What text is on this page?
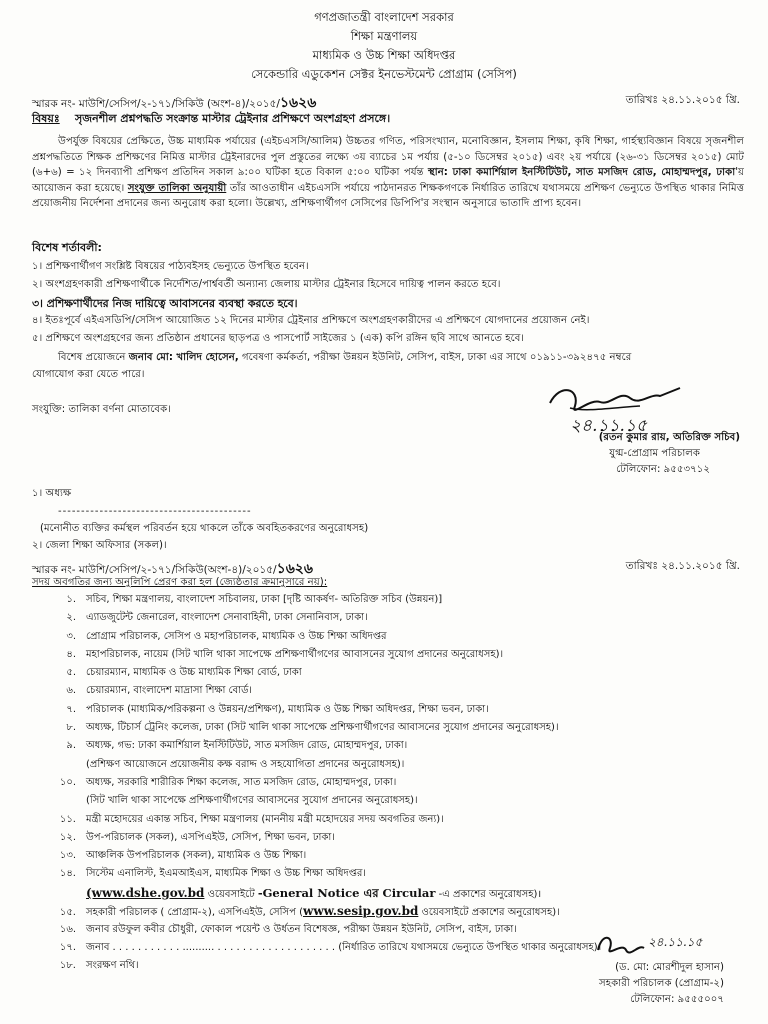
গণপ্রজাতন্ত্রী বাংলাদেশ সরকার
শিক্ষা মন্ত্রণালয়
মাধ্যমিক ও উচ্চ শিক্ষা অধিদপ্তর
সেকেন্ডারি এডুকেশন সেক্টর ইনভেস্টমেন্ট প্রোগ্রাম (সেসিপ)
স্মারক নং- মাউশি/সেসিপ/২-১৭১/সিকিউ (অংশ-৪)/২০১৫/১৬২৬	তারিখঃ ২৪.১১.২০১৫ খ্রি.
বিষয়ঃ সৃজনশীল প্রশ্নপদ্ধতি সংক্রান্ত মাস্টার ট্রেইনার প্রশিক্ষণে অংশগ্রহণ প্রসঙ্গে।
উপর্যুক্ত বিষয়ের প্রেক্ষিতে, উচ্চ মাধ্যমিক পর্যায়ের (এইচএসসি/আলিম) উচ্চতর গণিত, পরিসংখ্যান, মনোবিজ্ঞান, ইসলাম শিক্ষা, কৃষি শিক্ষা, গার্হস্থ্যবিজ্ঞান বিষয়ে সৃজনশীল প্রশ্নপদ্ধতিতে শিক্ষক প্রশিক্ষণের নিমিত্ত মাস্টার ট্রেইনারদের পুল প্রস্তুতের লক্ষ্যে ৩য় ব্যাচের ১ম পর্যায় (৫-১০ ডিসেম্বর ২০১৫) এবং ২য় পর্যায়ে (২৬-৩১ ডিসেম্বর ২০১৫) মোট (৬+৬) = ১২ দিনব্যাপী প্রশিক্ষণ প্রতিদিন সকাল ৯:০০ ঘটিকা হতে বিকাল ৫:০০ ঘটিকা পর্যন্ত স্থান: ঢাকা কমার্শিয়াল ইনস্টিটিউট, সাত মসজিদ রোড, মোহাম্মদপুর, ঢাকা'য় আয়োজন করা হয়েছে। সংযুক্ত তালিকা অনুযায়ী তাঁর আওতাধীন এইচএসসি পর্যায়ে পাঠদানরত শিক্ষকগণকে নির্ধারিত তারিখে যথাসময়ে প্রশিক্ষণ ভেন্যুতে উপস্থিত থাকার নিমিত্ত প্রয়োজনীয় নির্দেশনা প্রদানের জন্য অনুরোধ করা হলো। উল্লেখ্য, প্রশিক্ষণার্থীগণ সেসিপের ডিপিপি'র সংস্থান অনুসারে ভাতাদি প্রাপ্য হবেন।
বিশেষ শর্তাবলী:
১। প্রশিক্ষণার্থীগণ সংশ্লিষ্ট বিষয়ের পাঠ্যবইসহ ভেন্যুতে উপস্থিত হবেন।
২। অংশগ্রহণকারী প্রশিক্ষণার্থীকে নির্দেশিত/পার্শ্ববর্তী অন্যান্য জেলায় মাস্টার ট্রেইনার হিসেবে দায়িত্ব পালন করতে হবে।
৩। প্রশিক্ষণার্থীদের নিজ দায়িত্বে আবাসনের ব্যবস্থা করতে হবে।
৪। ইতঃপূর্বে এইএসডিপি/সেসিপ আয়োজিত ১২ দিনের মাস্টার ট্রেইনার প্রশিক্ষণে অংশগ্রহণকারীদের এ প্রশিক্ষণে যোগদানের প্রয়োজন নেই।
৫। প্রশিক্ষণে অংশগ্রহণের জন্য প্রতিষ্ঠান প্রধানের ছাড়পত্র ও পাসপোর্ট সাইজের ১ (এক) কপি রঙ্গিন ছবি সাথে আনতে হবে।
বিশেষ প্রয়োজনে জনাব মো: খালিদ হোসেন, গবেষণা কর্মকর্তা, পরীক্ষা উন্নয়ন ইউনিট, সেসিপ, বাইস, ঢাকা এর সাথে ০১৯১১-৩৯২৪৭৫ নম্বরে
যোগাযোগ করা যেতে পারে।
সংযুক্তি: তালিকা বর্ণনা মোতাবেক।
২৪.১১.১৫
(রতন কুমার রায়, অতিরিক্ত সচিব)
যুগ্ম-প্রোগ্রাম পরিচালক
টেলিফোন: ৯৫৫৩৭১২
১। অধ্যক্ষ
------------------------------------------
(মনোনীত ব্যক্তির কর্মস্থল পরিবর্তন হয়ে থাকলে তাঁকে অবহিতকরণের অনুরোধসহ)
২। জেলা শিক্ষা অফিসার (সকল)।
স্মারক নং- মাউশি/সেসিপ/২-১৭১/সিকিউ(অংশ-৪)/২০১৫/১৬২৬	তারিখঃ ২৪.১১.২০১৫ খ্রি.
সদয় অবগতির জন্য অনুলিপি প্রেরণ করা হল (জ্যেষ্ঠতার ক্রমানুসারে নয়):
১. সচিব, শিক্ষা মন্ত্রণালয়, বাংলাদেশ সচিবালয়, ঢাকা [দৃষ্টি আকর্ষণ- অতিরিক্ত সচিব (উন্নয়ন)]
২. এ্যাডজুটেন্ট জেনারেল, বাংলাদেশ সেনাবাহিনী, ঢাকা সেনানিবাস, ঢাকা।
৩. প্রোগ্রাম পরিচালক, সেসিপ ও মহাপরিচালক, মাধ্যমিক ও উচ্চ শিক্ষা অধিদপ্তর
৪. মহাপরিচালক, নায়েম (সিট খালি থাকা সাপেক্ষে প্রশিক্ষণার্থীগণের আবাসনের সুযোগ প্রদানের অনুরোধসহ)।
৫. চেয়ারম্যান, মাধ্যমিক ও উচ্চ মাধ্যমিক শিক্ষা বোর্ড, ঢাকা
৬. চেয়ারম্যান, বাংলাদেশ মাদ্রাসা শিক্ষা বোর্ড।
৭. পরিচালক (মাধ্যমিক/পরিকল্পনা ও উন্নয়ন/প্রশিক্ষণ), মাধ্যমিক ও উচ্চ শিক্ষা অধিদপ্তর, শিক্ষা ভবন, ঢাকা।
৮. অধ্যক্ষ, টিচার্স ট্রেনিং কলেজ, ঢাকা (সিট খালি থাকা সাপেক্ষে প্রশিক্ষণার্থীগণের আবাসনের সুযোগ প্রদানের অনুরোধসহ)।
৯. অধ্যক্ষ, গভ: ঢাকা কমার্শিয়াল ইনস্টিটিউট, সাত মসজিদ রোড, মোহাম্মদপুর, ঢাকা।
(প্রশিক্ষণ আয়োজনে প্রয়োজনীয় কক্ষ বরাদ্দ ও সহযোগিতা প্রদানের অনুরোধসহ)।
১০. অধ্যক্ষ, সরকারি শারীরিক শিক্ষা কলেজ, সাত মসজিদ রোড, মোহাম্মদপুর, ঢাকা।
(সিট খালি থাকা সাপেক্ষে প্রশিক্ষণার্থীগণের আবাসনের সুযোগ প্রদানের অনুরোধসহ)।
১১. মন্ত্রী মহোদয়ের একান্ত সচিব, শিক্ষা মন্ত্রণালয় (মাননীয় মন্ত্রী মহোদয়ের সদয় অবগতির জন্য)।
১২. উপ-পরিচালক (সকল), এসপিএইউ, সেসিপ, শিক্ষা ভবন, ঢাকা।
১৩. আঞ্চলিক উপপরিচালক (সকল), মাধ্যমিক ও উচ্চ শিক্ষা।
১৪. সিস্টেম এনালিস্ট, ইএমআইএস, মাধ্যমিক শিক্ষা ও উচ্চ শিক্ষা অধিদপ্তর।
(www.dshe.gov.bd ওয়েবসাইটে -General Notice এর Circular -এ প্রকাশের অনুরোধসহ)।
১৫. সহকারী পরিচালক ( প্রোগ্রাম-২), এসপিএইউ, সেসিপ (www.sesip.gov.bd ওয়েবসাইটে প্রকাশের অনুরোধসহ)।
১৬. জনাব রউফুল কবীর চৌধুরী, ফোকাল পয়েন্ট ও উর্ধতন বিশেষজ্ঞ, পরীক্ষা উন্নয়ন ইউনিট, সেসিপ, বাইস, ঢাকা।
১৭. জনাব . . . . . . . . . . . .......... . . . . . . . . . . . . . . . . . . . (নির্ধারিত তারিখে যথাসময়ে ভেন্যুতে উপস্থিত থাকার অনুরোধসহ)।
১৮. সংরক্ষণ নথি।
২৪.১১.১৫
(ড. মো: মোরশীদুল হাসান)
সহকারী পরিচালক (প্রোগ্রাম-২)
টেলিফোন: ৯৫৫৫০০৭
